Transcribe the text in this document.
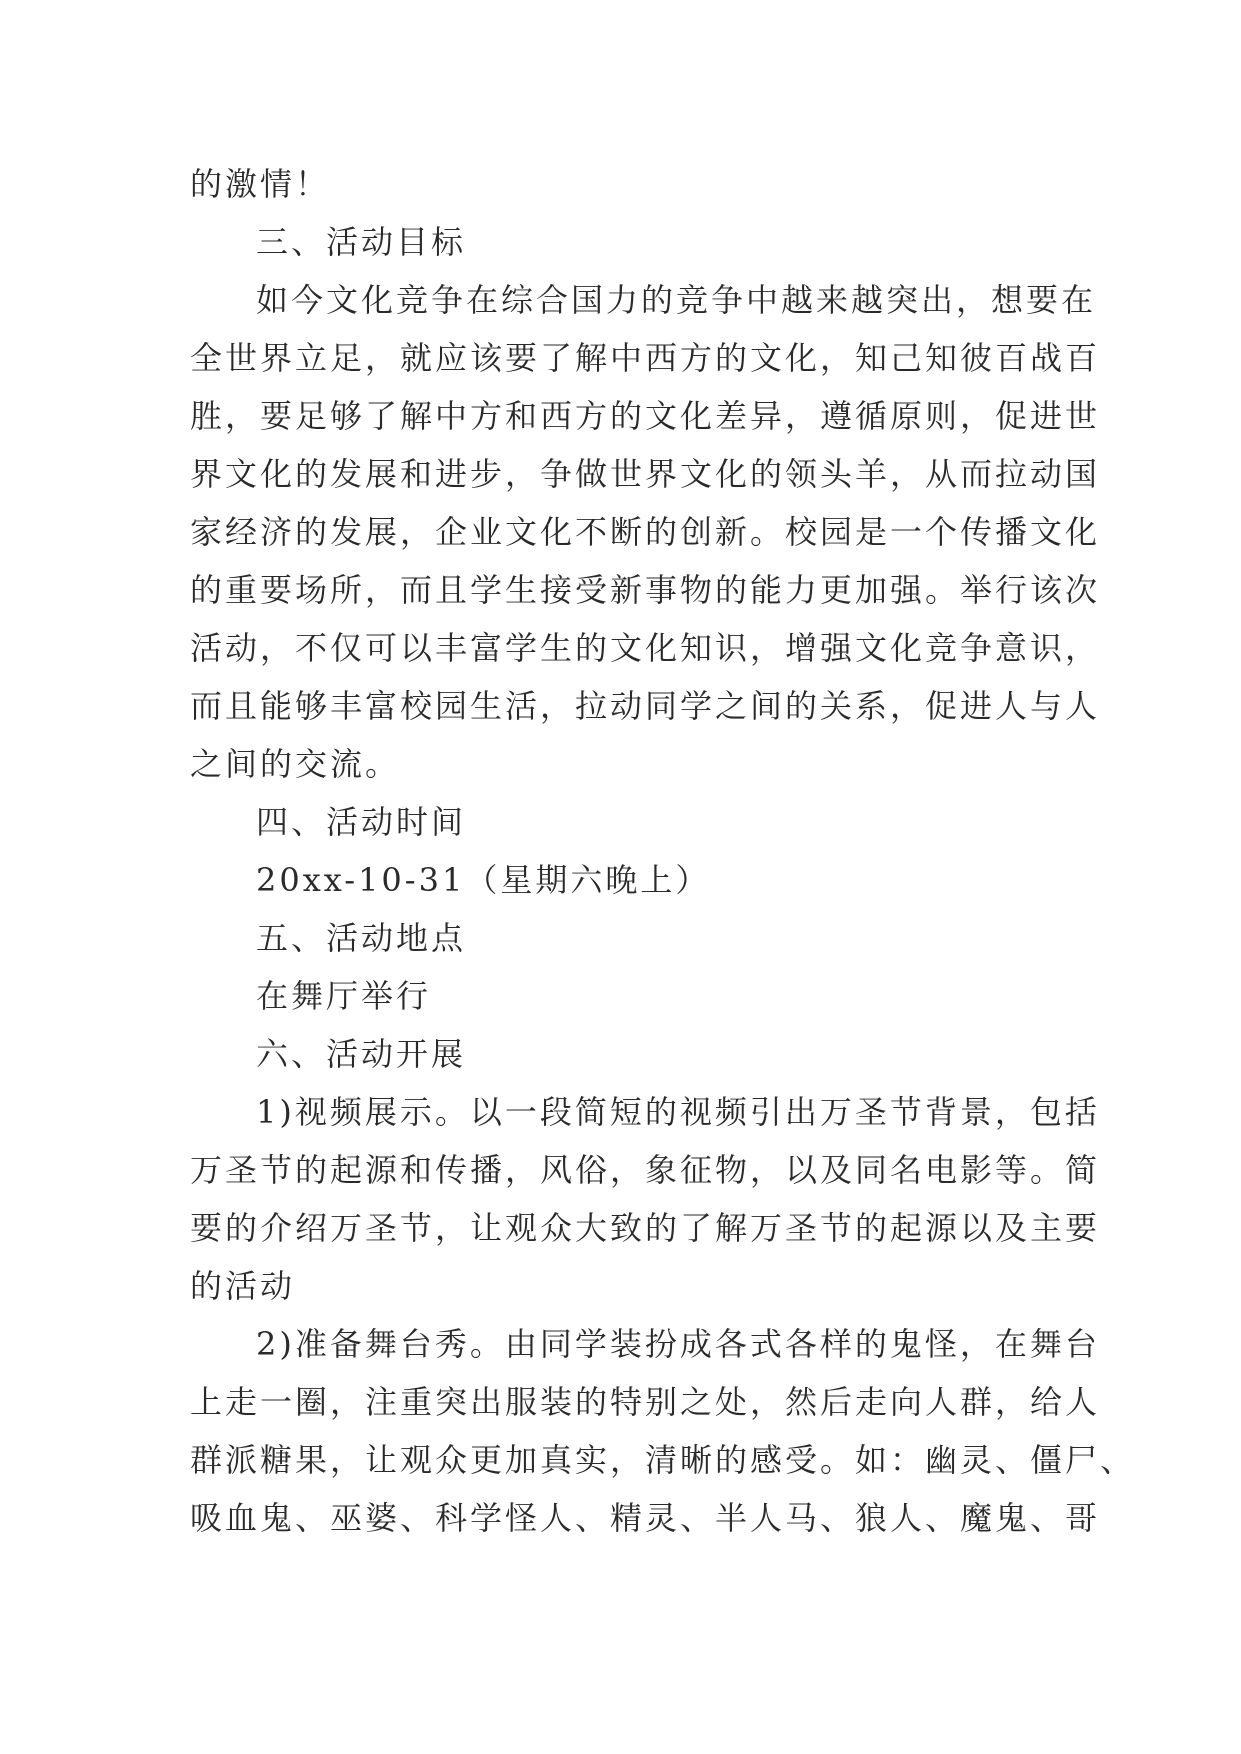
的激情！
三、活动目标
如今文化竞争在综合国力的竞争中越来越突出，想要在
全世界立足，就应该要了解中西方的文化，知己知彼百战百
胜，要足够了解中方和西方的文化差异，遵循原则，促进世
界文化的发展和进步，争做世界文化的领头羊，从而拉动国
家经济的发展，企业文化不断的创新。校园是一个传播文化
的重要场所，而且学生接受新事物的能力更加强。举行该次
活动，不仅可以丰富学生的文化知识，增强文化竞争意识，
而且能够丰富校园生活，拉动同学之间的关系，促进人与人
之间的交流。
四、活动时间
20xx-10-31（星期六晚上）
五、活动地点
在舞厅举行
六、活动开展
1)视频展示。以一段简短的视频引出万圣节背景，包括
万圣节的起源和传播，风俗，象征物，以及同名电影等。简
要的介绍万圣节，让观众大致的了解万圣节的起源以及主要
的活动
2)准备舞台秀。由同学装扮成各式各样的鬼怪，在舞台
上走一圈，注重突出服装的特别之处，然后走向人群，给人
群派糖果，让观众更加真实，清晰的感受。如：幽灵、僵尸、
吸血鬼、巫婆、科学怪人、精灵、半人马、狼人、魔鬼、哥
